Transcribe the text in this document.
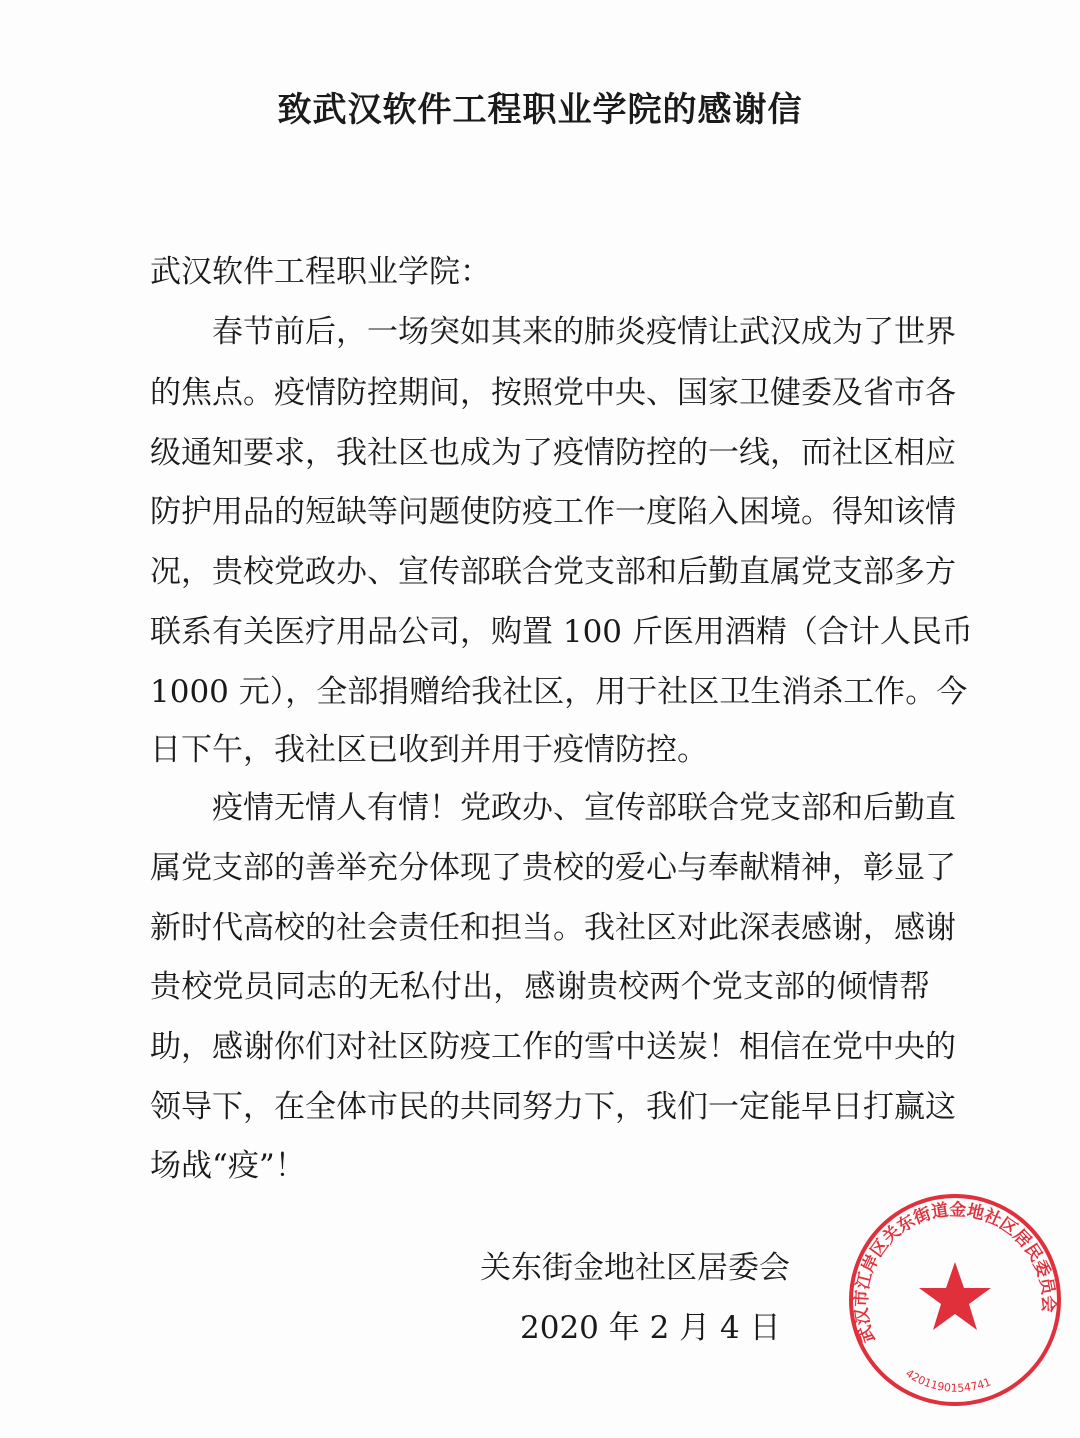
致武汉软件工程职业学院的感谢信
武汉软件工程职业学院：
春节前后，一场突如其来的肺炎疫情让武汉成为了世界
的焦点。疫情防控期间，按照党中央、国家卫健委及省市各
级通知要求，我社区也成为了疫情防控的一线，而社区相应
防护用品的短缺等问题使防疫工作一度陷入困境。得知该情
况，贵校党政办、宣传部联合党支部和后勤直属党支部多方
联系有关医疗用品公司，购置 100 斤医用酒精（合计人民币
1000 元），全部捐赠给我社区，用于社区卫生消杀工作。今
日下午，我社区已收到并用于疫情防控。
疫情无情人有情！党政办、宣传部联合党支部和后勤直
属党支部的善举充分体现了贵校的爱心与奉献精神，彰显了
新时代高校的社会责任和担当。我社区对此深表感谢，感谢
贵校党员同志的无私付出，感谢贵校两个党支部的倾情帮
助，感谢你们对社区防疫工作的雪中送炭！相信在党中央的
领导下，在全体市民的共同努力下，我们一定能早日打赢这
场战“疫”！
武汉市江岸区关东街道金地社区居民委员会
4201190154741
关东街金地社区居委会
2020 年 2 月 4 日
